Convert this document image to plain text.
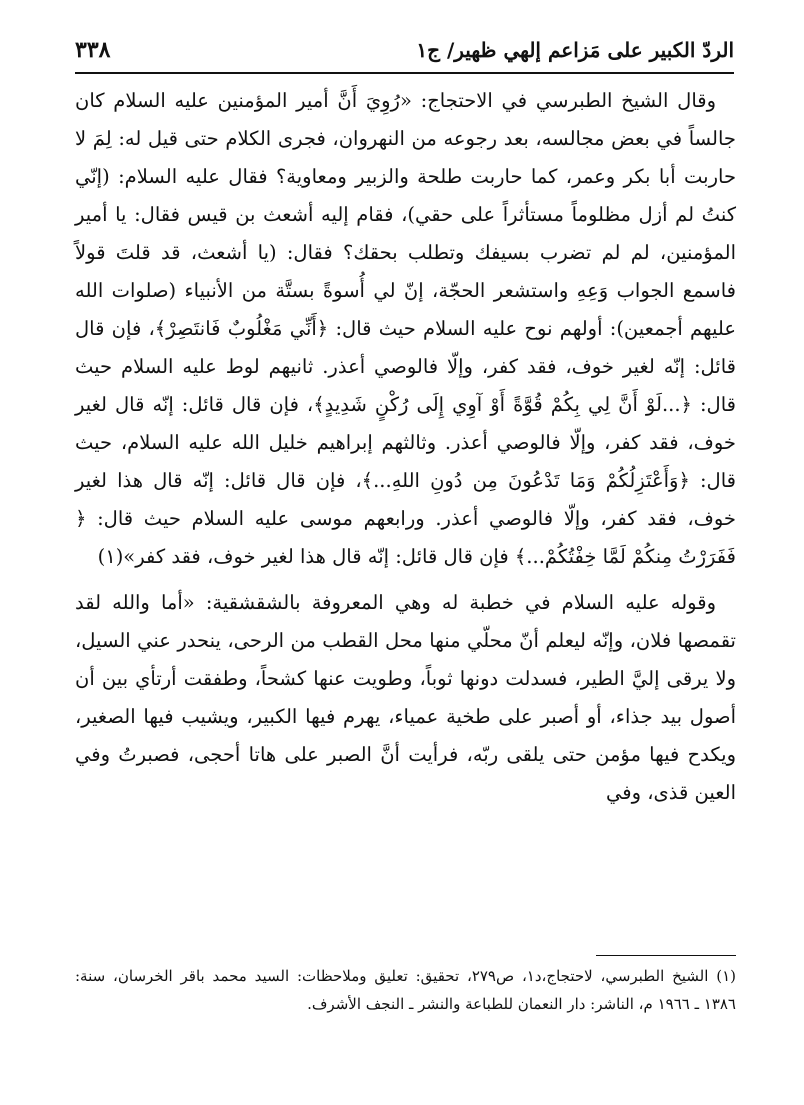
الردّ الكبير على مَزاعم إلهي ظهير/ ج١
٣٣٨

وقال الشيخ الطبرسي في الاحتجاج: «رُوِيَ أَنَّ أمير المؤمنين عليه السلام كان جالساً في بعض مجالسه، بعد رجوعه من النهروان، فجرى الكلام حتى قيل له: لِمَ لا حاربت أبا بكر وعمر، كما حاربت طلحة والزبير ومعاوية؟ فقال عليه السلام: (إنّي كنتُ لم أزل مظلوماً مستأثراً على حقي)، فقام إليه أشعث بن قيس فقال: يا أمير المؤمنين، لم لم تضرب بسيفك وتطلب بحقك؟ فقال: (يا أشعث، قد قلتَ قولاً فاسمع الجواب وَعِهِ واستشعر الحجّة، إنّ لي أُسوةً بستَّة من الأنبياء (صلوات الله عليهم أجمعين): أولهم نوح عليه السلام حيث قال: ﴿أَنِّي مَغْلُوبٌ فَانتَصِرْ﴾، فإن قال قائل: إنّه لغير خوف، فقد كفر، وإلّا فالوصي أعذر. ثانيهم لوط عليه السلام حيث قال: ﴿...لَوْ أَنَّ لِي بِكُمْ قُوَّةً أَوْ آوِي إِلَى رُكْنٍ شَدِيدٍ﴾، فإن قال قائل: إنّه قال لغير خوف، فقد كفر، وإلّا فالوصي أعذر. وثالثهم إبراهيم خليل الله عليه السلام، حيث قال: ﴿وَأَعْتَزِلُكُمْ وَمَا تَدْعُونَ مِن دُونِ اللهِ...﴾، فإن قال قائل: إنّه قال هذا لغير خوف، فقد كفر، وإلّا فالوصي أعذر. ورابعهم موسى عليه السلام حيث قال: ﴿ فَفَرَرْتُ مِنكُمْ لَمَّا خِفْتُكُمْ...﴾ فإن قال قائل: إنّه قال هذا لغير خوف، فقد كفر»(١)

وقوله عليه السلام في خطبة له وهي المعروفة بالشقشقية: «أما والله لقد تقمصها فلان، وإنّه ليعلم أنّ محلّي منها محل القطب من الرحى، ينحدر عني السيل، ولا يرقى إليَّ الطير، فسدلت دونها ثوباً، وطويت عنها كشحاً، وطفقت أرتأي بين أن أصول بيد جذاء، أو أصبر على طخية عمياء، يهرم فيها الكبير، ويشيب فيها الصغير، ويكدح فيها مؤمن حتى يلقى ربّه، فرأيت أنَّ الصبر على هاتا أحجى، فصبرتُ وفي العين قذى، وفي

(١) الشيخ الطبرسي، لاحتجاج،د١، ص٢٧٩، تحقيق: تعليق وملاحظات: السيد محمد باقر الخرسان، سنة: ١٣٨٦ ـ ١٩٦٦ م، الناشر: دار النعمان للطباعة والنشر ـ النجف الأشرف.
